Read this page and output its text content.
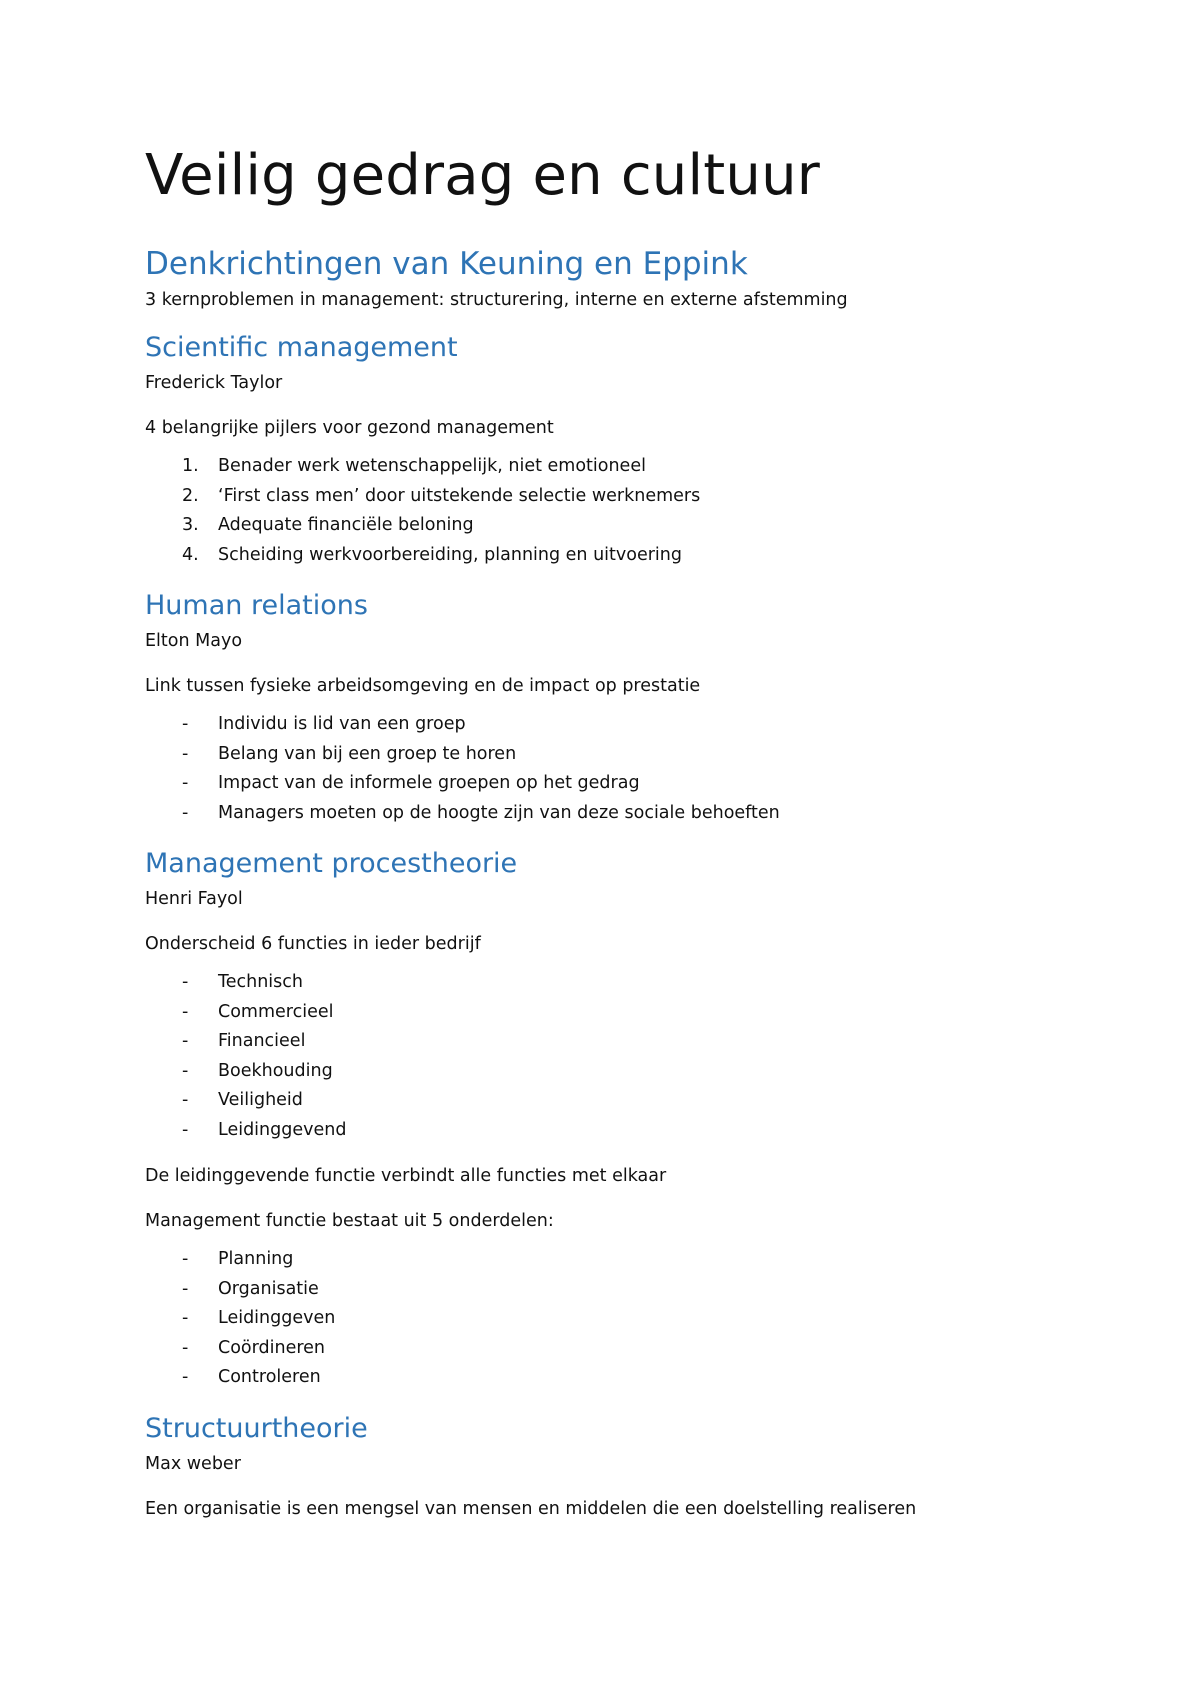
Veilig gedrag en cultuur
Denkrichtingen van Keuning en Eppink
3 kernproblemen in management: structurering, interne en externe afstemming
Scientific management
Frederick Taylor
4 belangrijke pijlers voor gezond management
1.	Benader werk wetenschappelijk, niet emotioneel
2.	‘First class men’ door uitstekende selectie werknemers
3.	Adequate financiële beloning
4.	Scheiding werkvoorbereiding, planning en uitvoering
Human relations
Elton Mayo
Link tussen fysieke arbeidsomgeving en de impact op prestatie
-	Individu is lid van een groep
-	Belang van bij een groep te horen
-	Impact van de informele groepen op het gedrag
-	Managers moeten op de hoogte zijn van deze sociale behoeften
Management procestheorie
Henri Fayol
Onderscheid 6 functies in ieder bedrijf
-	Technisch
-	Commercieel
-	Financieel
-	Boekhouding
-	Veiligheid
-	Leidinggevend
De leidinggevende functie verbindt alle functies met elkaar
Management functie bestaat uit 5 onderdelen:
-	Planning
-	Organisatie
-	Leidinggeven
-	Coördineren
-	Controleren
Structuurtheorie
Max weber
Een organisatie is een mengsel van mensen en middelen die een doelstelling realiseren
